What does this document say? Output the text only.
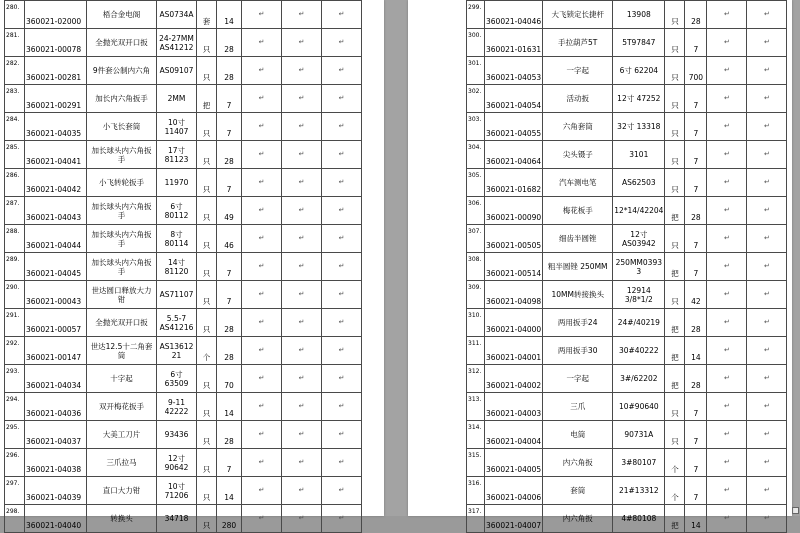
280.	360021-02000	梧合金电阁	AS0734A	套	14	↵	↵	↵
281.	360021-00078	全抛光双开口扳	24-27MM AS41212	只	28	↵	↵	↵
282.	360021-00281	9件套公制内六角	AS09107	只	28	↵	↵	↵
283.	360021-00291	加长内六角扳手	2MM	把	7	↵	↵	↵
284.	360021-04035	小飞长套筒	10寸 11407	只	7	↵	↵	↵
285.	360021-04041	加长球头内六角扳手	17寸 81123	只	28	↵	↵	↵
286.	360021-04042	小飞转轮扳手	11970	只	7	↵	↵	↵
287.	360021-04043	加长球头内六角扳手	6寸 80112	只	49	↵	↵	↵
288.	360021-04044	加长球头内六角扳手	8寸 80114	只	46	↵	↵	↵
289.	360021-04045	加长球头内六角扳手	14寸 81120	只	7	↵	↵	↵
290.	360021-00043	世达圆口释放大力钳	AS71107	只	7	↵	↵	↵
291.	360021-00057	全抛光双开口扳	5.5-7 AS41216	只	28	↵	↵	↵
292.	360021-00147	世达12.5十二角套筒	AS13612 21	个	28	↵	↵	↵
293.	360021-04034	十字起	6寸 63509	只	70	↵	↵	↵
294.	360021-04036	双开梅花扳手	9-11 42222	只	14	↵	↵	↵
295.	360021-04037	大美工刀片	93436	只	28	↵	↵	↵
296.	360021-04038	三爪拉马	12寸 90642	只	7	↵	↵	↵
297.	360021-04039	直口大力钳	10寸 71206	只	14	↵	↵	↵
298.	360021-04040	转换头	34718	只	280	↵	↵	↵
299.	360021-04046	大飞锁定长捷杆	13908	只	28	↵	↵
300.	360021-01631	手拉葫芦5T	5T97847	只	7	↵	↵
301.	360021-04053	一字起	6寸 62204	只	700	↵	↵
302.	360021-04054	活动扳	12寸 47252	只	7	↵	↵
303.	360021-04055	六角套筒	32寸 13318	只	7	↵	↵
304.	360021-04064	尖头镊子	3101	只	7	↵	↵
305.	360021-01682	汽车测电笔	AS62503	只	7	↵	↵
306.	360021-00090	梅花板手	12*14/42204	把	28	↵	↵
307.	360021-00505	细齿半圆锉	12寸 AS03942	只	7	↵	↵
308.	360021-00514	粗半圆锉 250MM	250MM0393 3	把	7	↵	↵
309.	360021-04098	10MM转接换头	12914 3/8*1/2	只	42	↵	↵
310.	360021-04000	两用扳手24	24#/40219	把	28	↵	↵
311.	360021-04001	两用扳手30	30#40222	把	14	↵	↵
312.	360021-04002	一字起	3#/62202	把	28	↵	↵
313.	360021-04003	三爪	10#90640	只	7	↵	↵
314.	360021-04004	电筒	90731A	只	7	↵	↵
315.	360021-04005	内六角扳	3#80107	个	7	↵	↵
316.	360021-04006	套筒	21#13312	个	7	↵	↵
317.	360021-04007	内六角扳	4#80108	把	14	↵	↵
